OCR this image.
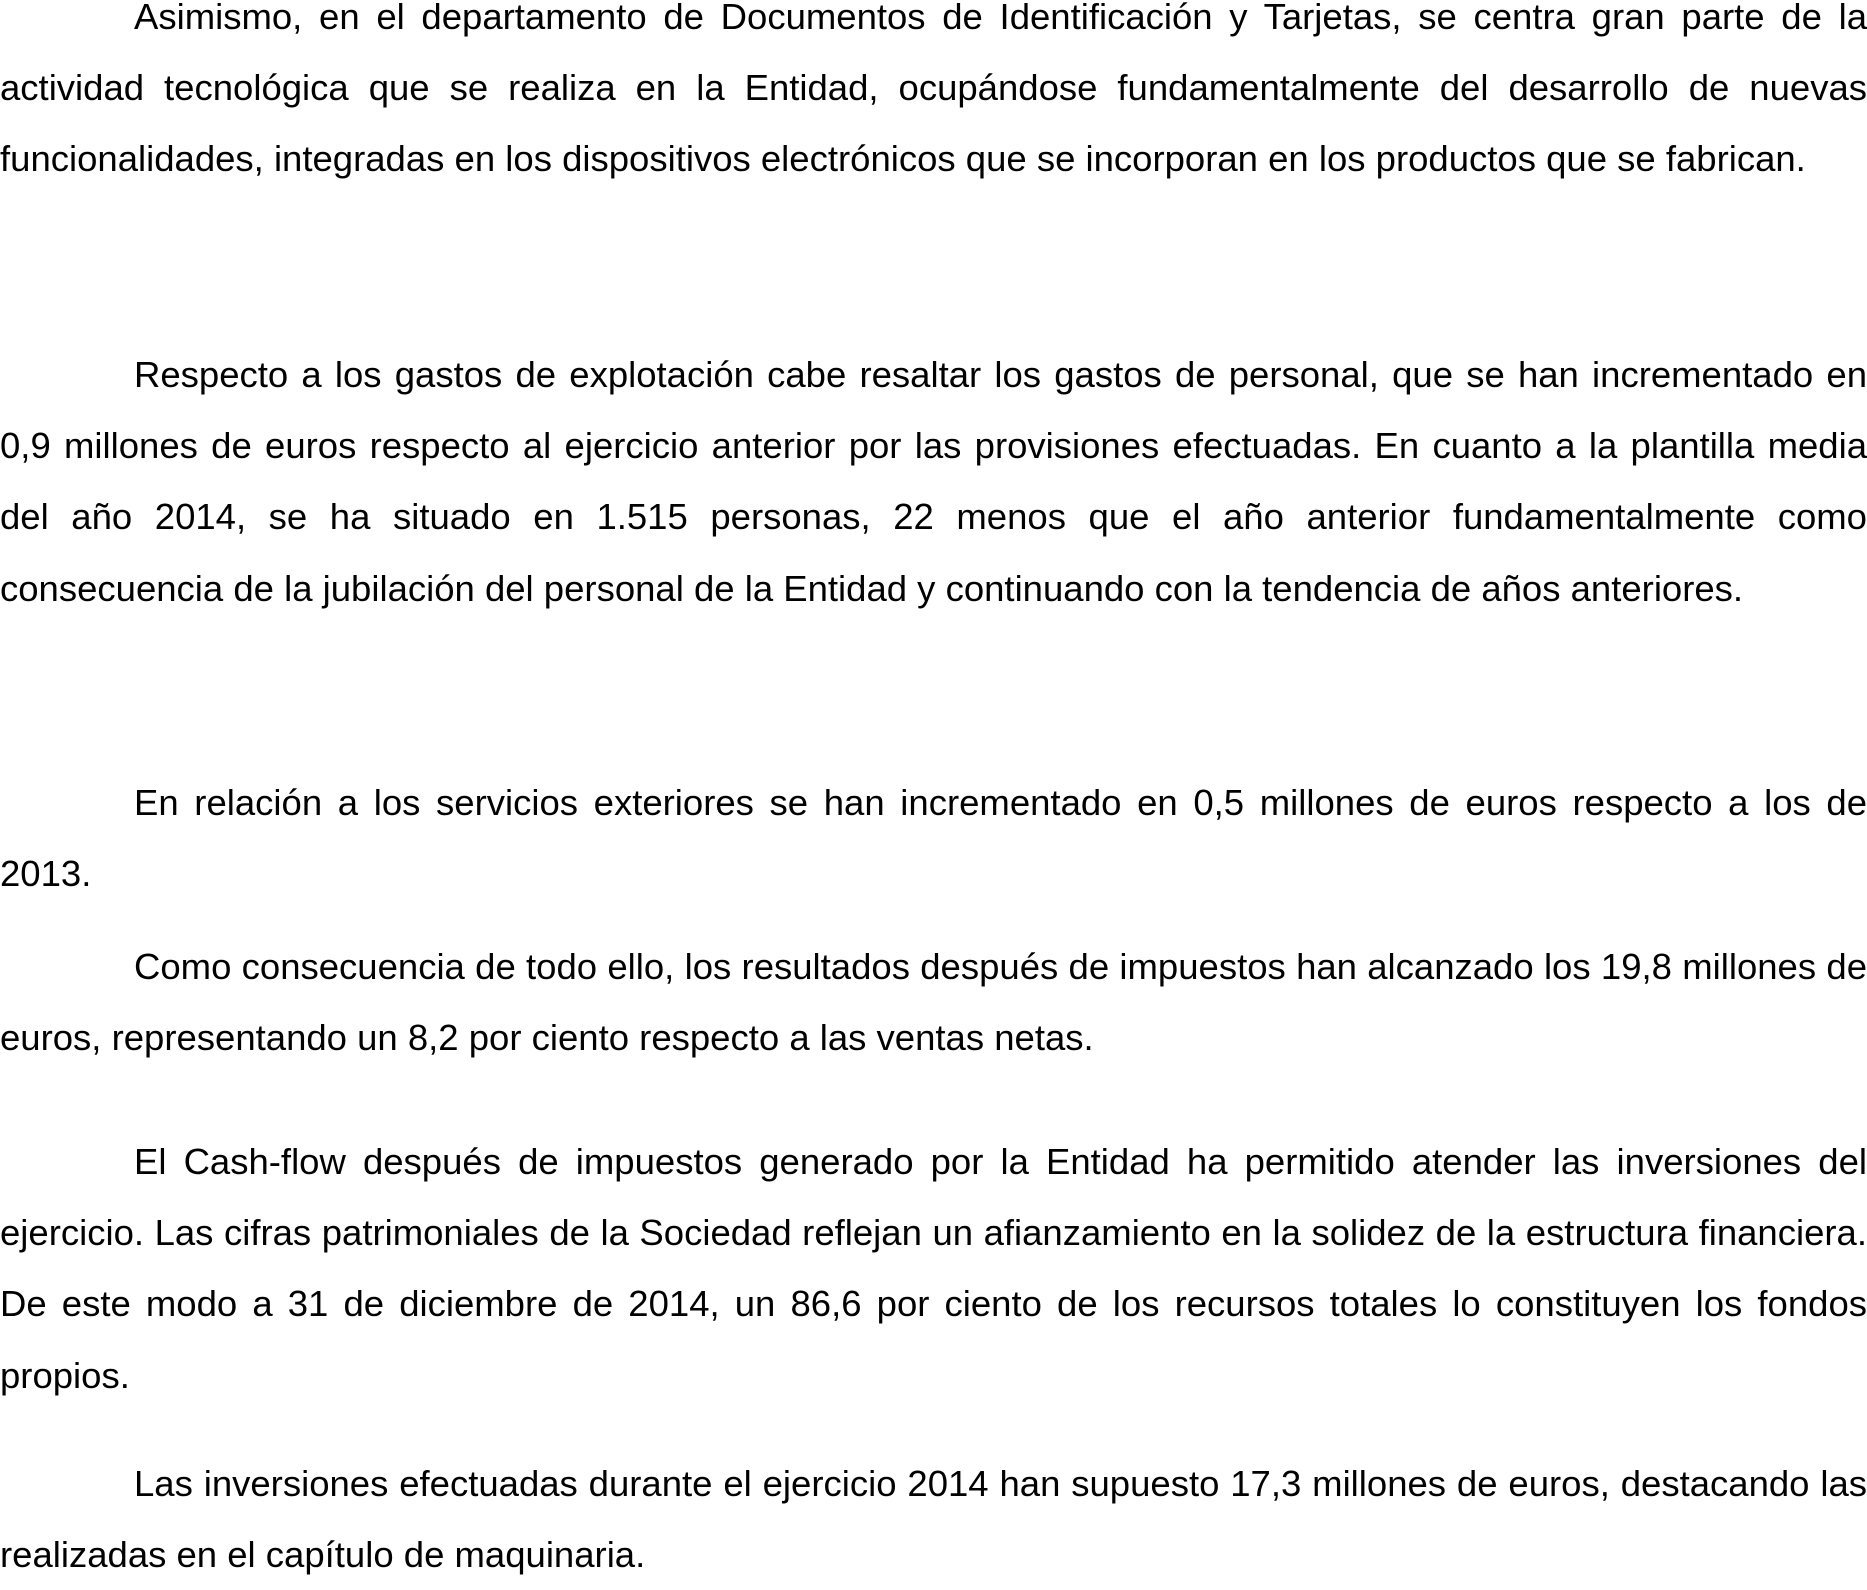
Asimismo, en el departamento de Documentos de Identificación y Tarjetas, se centra gran parte de la actividad tecnológica que se realiza en la Entidad, ocupándose fundamentalmente del desarrollo de nuevas funcionalidades, integradas en los dispositivos electrónicos que se incorporan en los productos que se fabrican.

Respecto a los gastos de explotación cabe resaltar los gastos de personal, que se han incrementado en 0,9 millones de euros respecto al ejercicio anterior por las provisiones efectuadas. En cuanto a la plantilla media del año 2014, se ha situado en 1.515 personas, 22 menos que el año anterior fundamentalmente como consecuencia de la jubilación del personal de la Entidad y continuando con la tendencia de años anteriores.

En relación a los servicios exteriores se han incrementado en 0,5 millones de euros respecto a los de 2013.

Como consecuencia de todo ello, los resultados después de impuestos han alcanzado los 19,8 millones de euros, representando un 8,2 por ciento respecto a las ventas netas.

El Cash-flow después de impuestos generado por la Entidad ha permitido atender las inversiones del ejercicio. Las cifras patrimoniales de la Sociedad reflejan un afianzamiento en la solidez de la estructura financiera. De este modo a 31 de diciembre de 2014, un 86,6 por ciento de los recursos totales lo constituyen los fondos propios.

Las inversiones efectuadas durante el ejercicio 2014 han supuesto 17,3 millones de euros, destacando las realizadas en el capítulo de maquinaria.
